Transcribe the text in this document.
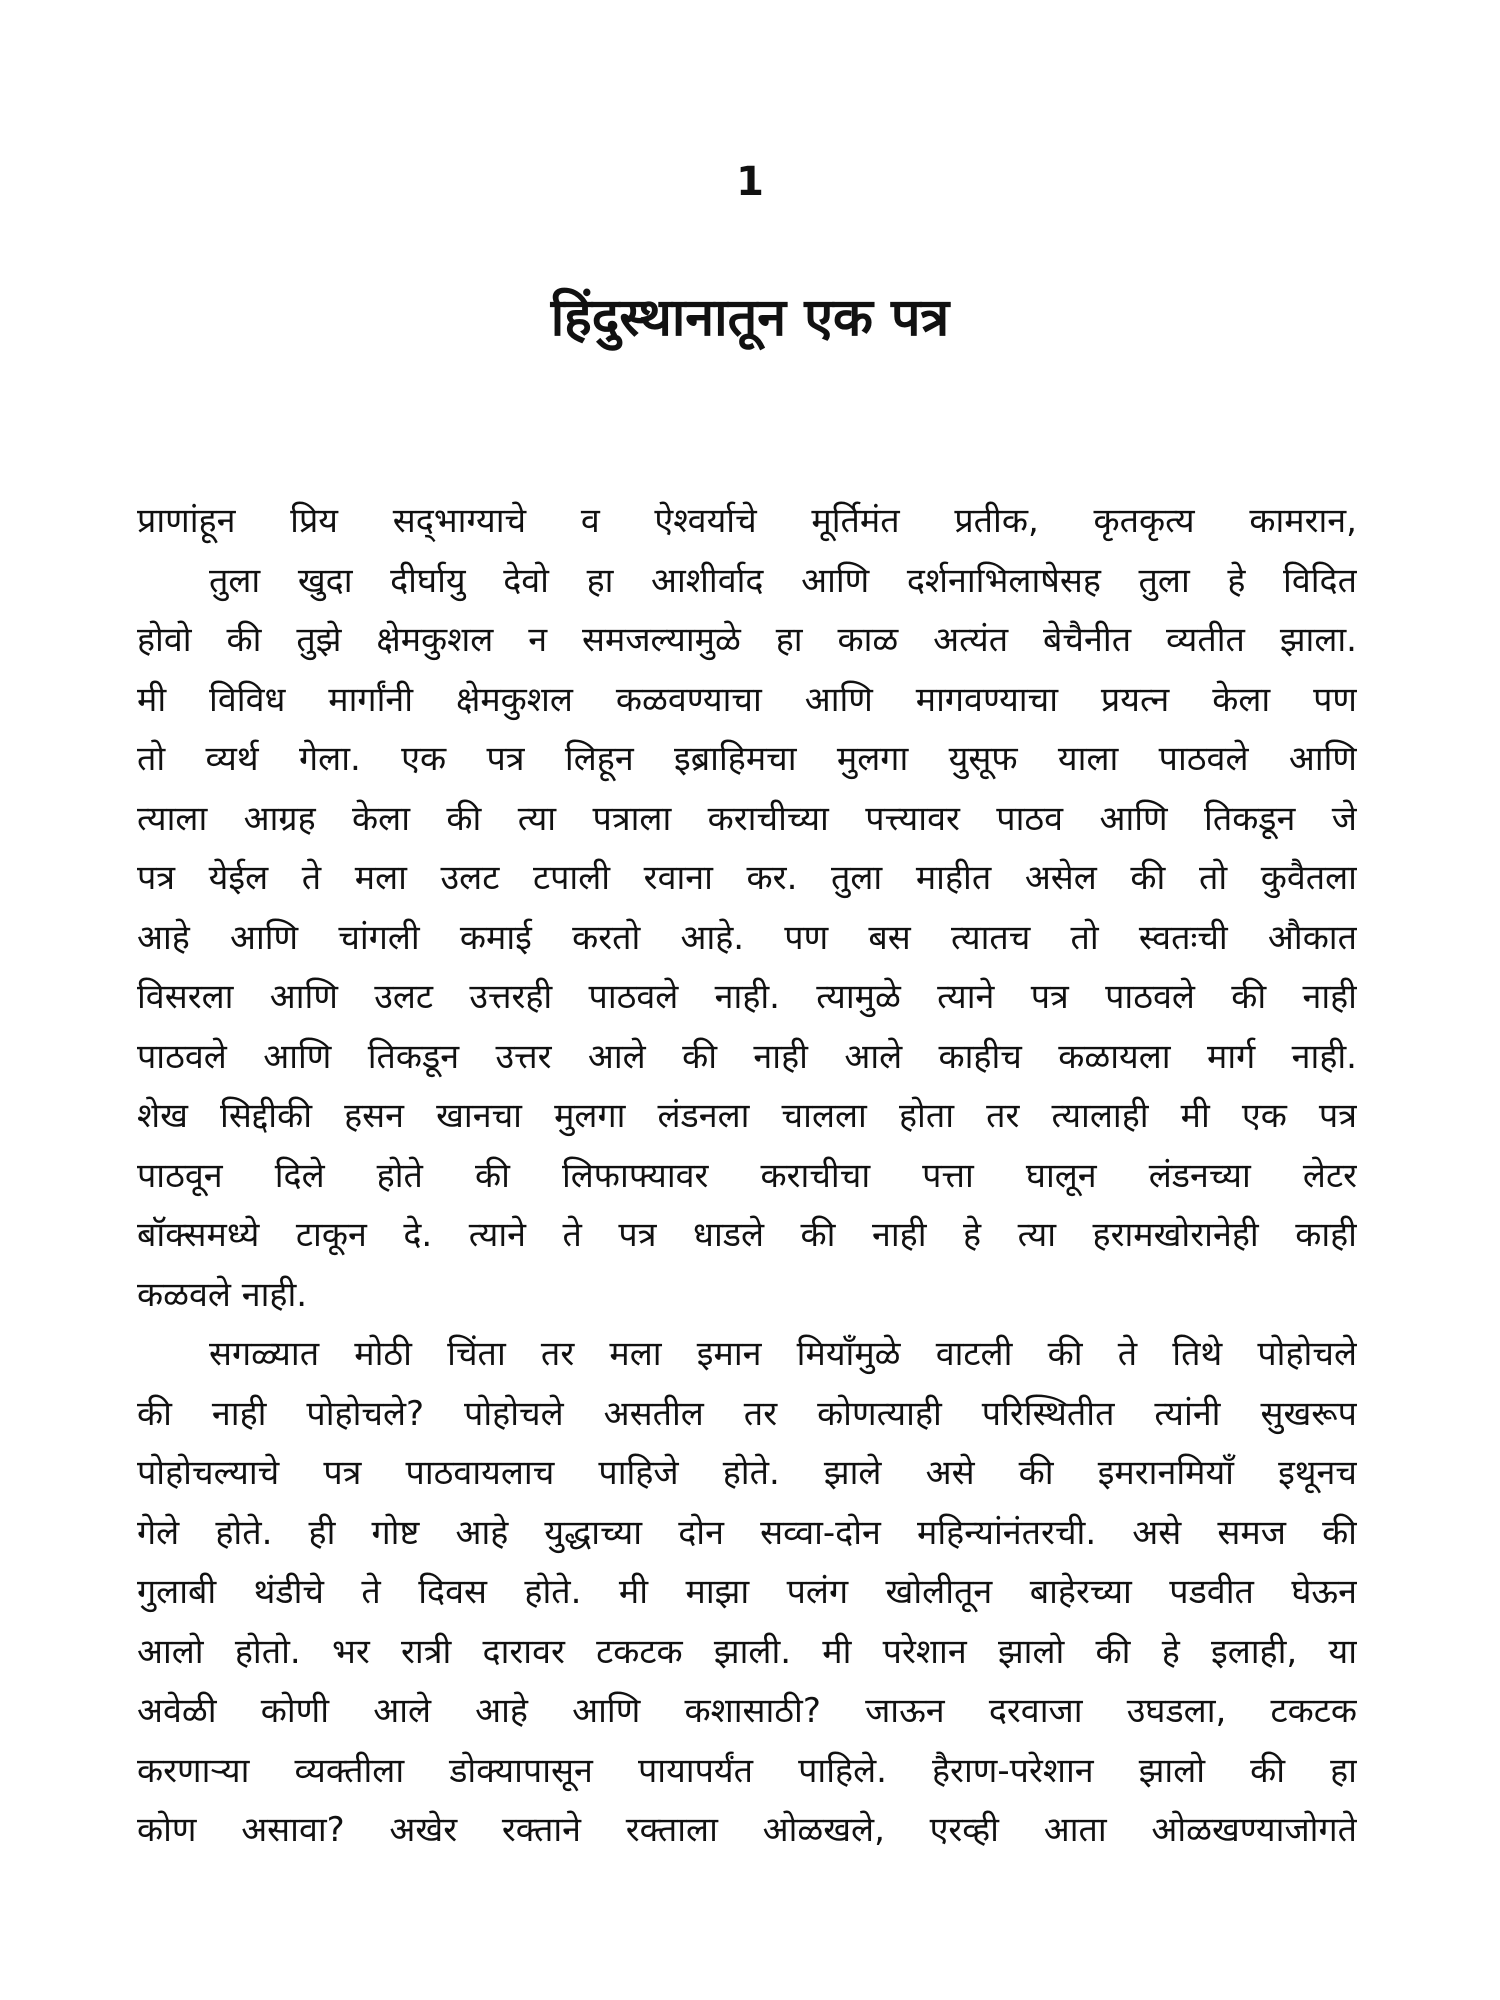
1
हिंदुस्थानातून एक पत्र
प्राणांहून प्रिय सद्‌भाग्याचे व ऐश्वर्याचे मूर्तिमंत प्रतीक, कृतकृत्य कामरान,
तुला खुदा दीर्घायु देवो हा आशीर्वाद आणि दर्शनाभिलाषेसह तुला हे विदित
होवो की तुझे क्षेमकुशल न समजल्यामुळे हा काळ अत्यंत बेचैनीत व्यतीत झाला.
मी विविध मार्गांनी क्षेमकुशल कळवण्याचा आणि मागवण्याचा प्रयत्न केला पण
तो व्यर्थ गेला. एक पत्र लिहून इब्राहिमचा मुलगा युसूफ याला पाठवले आणि
त्याला आग्रह केला की त्या पत्राला कराचीच्या पत्त्यावर पाठव आणि तिकडून जे
पत्र येईल ते मला उलट टपाली रवाना कर. तुला माहीत असेल की तो कुवैतला
आहे आणि चांगली कमाई करतो आहे. पण बस त्यातच तो स्वतःची औकात
विसरला आणि उलट उत्तरही पाठवले नाही. त्यामुळे त्याने पत्र पाठवले की नाही
पाठवले आणि तिकडून उत्तर आले की नाही आले काहीच कळायला मार्ग नाही.
शेख सिद्दीकी हसन खानचा मुलगा लंडनला चालला होता तर त्यालाही मी एक पत्र
पाठवून दिले होते की लिफाफ्यावर कराचीचा पत्ता घालून लंडनच्या लेटर
बॉक्समध्ये टाकून दे. त्याने ते पत्र धाडले की नाही हे त्या हरामखोरानेही काही
कळवले नाही.
सगळ्यात मोठी चिंता तर मला इमान मियाँमुळे वाटली की ते तिथे पोहोचले
की नाही पोहोचले? पोहोचले असतील तर कोणत्याही परिस्थितीत त्यांनी सुखरूप
पोहोचल्याचे पत्र पाठवायलाच पाहिजे होते. झाले असे की इमरानमियाँ इथूनच
गेले होते. ही गोष्ट आहे युद्धाच्या दोन सव्वा-दोन महिन्यांनंतरची. असे समज की
गुलाबी थंडीचे ते दिवस होते. मी माझा पलंग खोलीतून बाहेरच्या पडवीत घेऊन
आलो होतो. भर रात्री दारावर टकटक झाली. मी परेशान झालो की हे इलाही, या
अवेळी कोणी आले आहे आणि कशासाठी? जाऊन दरवाजा उघडला, टकटक
करणाऱ्या व्यक्तीला डोक्यापासून पायापर्यंत पाहिले. हैराण-परेशान झालो की हा
कोण असावा? अखेर रक्ताने रक्ताला ओळखले, एरव्ही आता ओळखण्याजोगते
